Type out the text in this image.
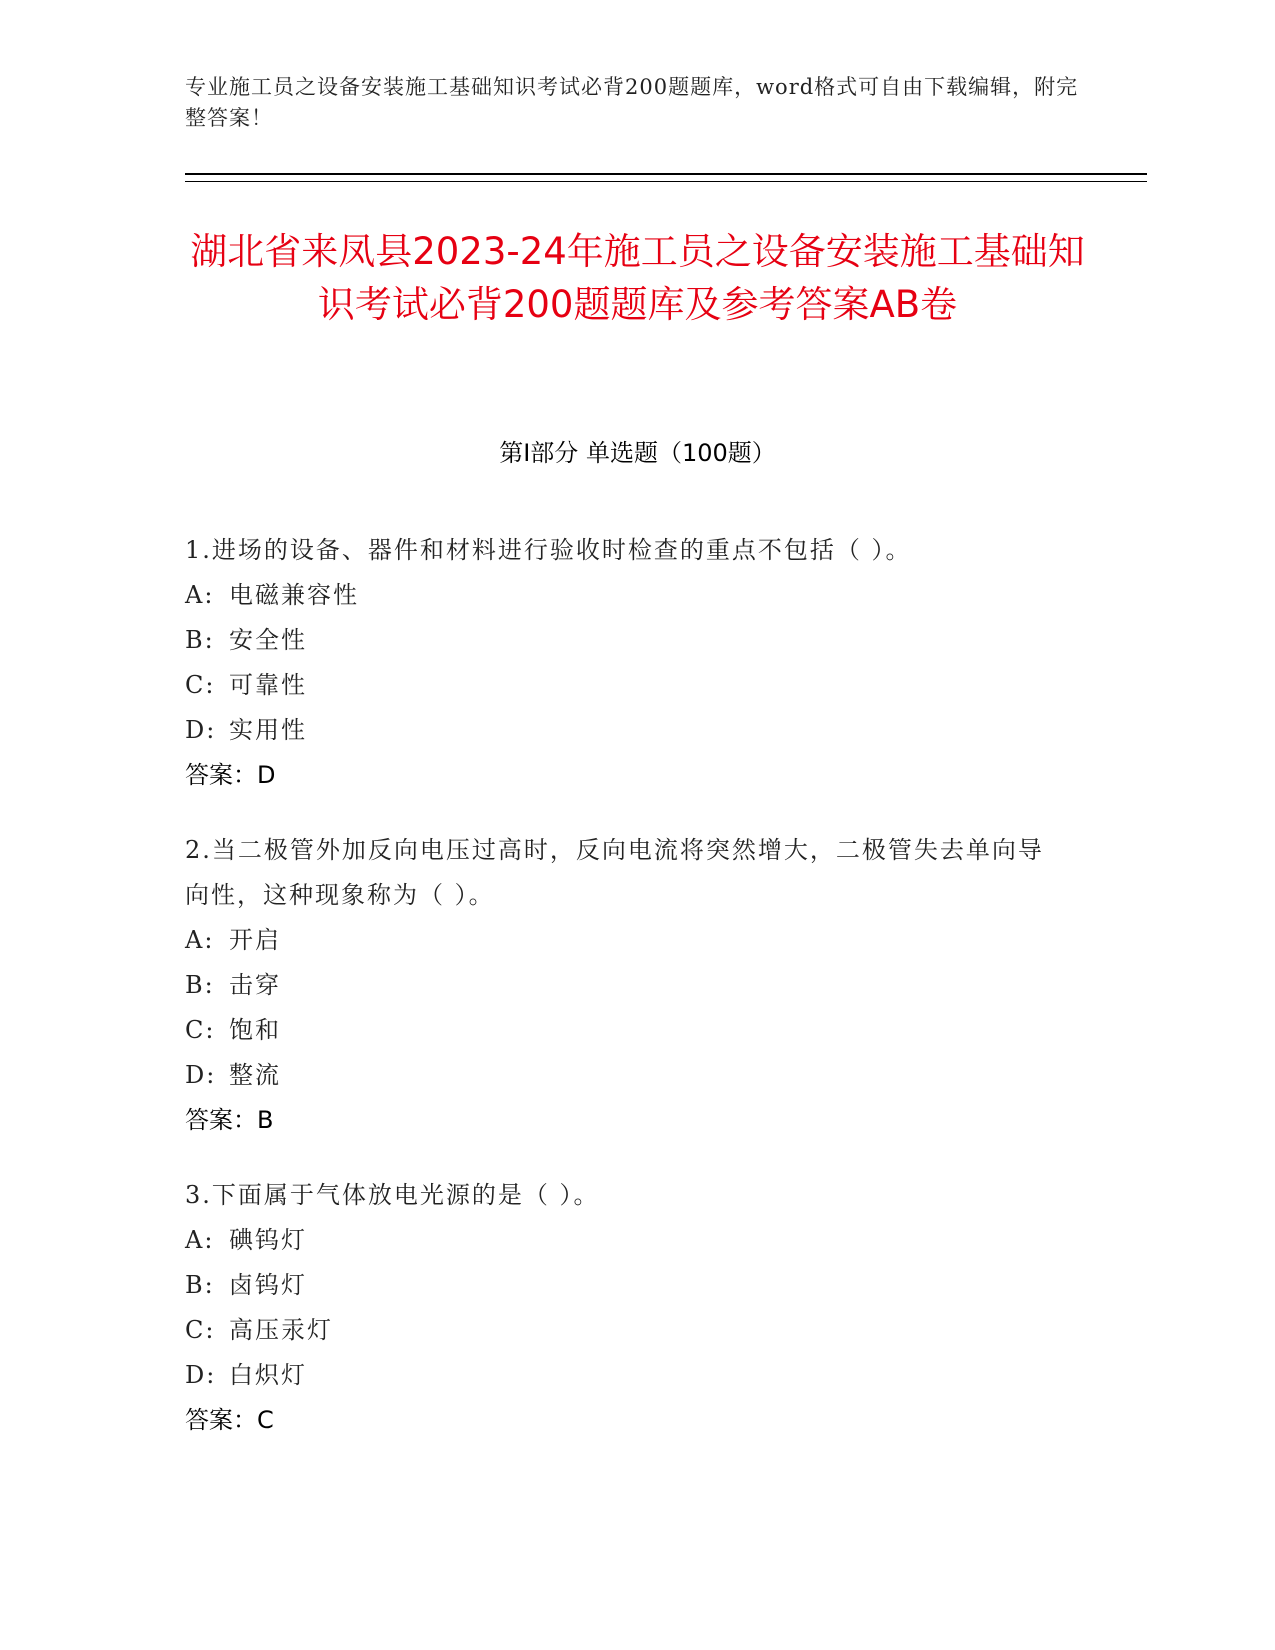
专业施工员之设备安装施工基础知识考试必背200题题库，word格式可自由下载编辑，附完整答案！
湖北省来凤县2023-24年施工员之设备安装施工基础知识考试必背200题题库及参考答案AB卷
第Ⅰ部分 单选题（100题）
1.进场的设备、器件和材料进行验收时检查的重点不包括（ ）。
A: 电磁兼容性
B: 安全性
C: 可靠性
D: 实用性
答案：D
2.当二极管外加反向电压过高时，反向电流将突然增大，二极管失去单向导向性，这种现象称为（ ）。
A: 开启
B: 击穿
C: 饱和
D: 整流
答案：B
3.下面属于气体放电光源的是（ ）。
A: 碘钨灯
B: 卤钨灯
C: 高压汞灯
D: 白炽灯
答案：C
